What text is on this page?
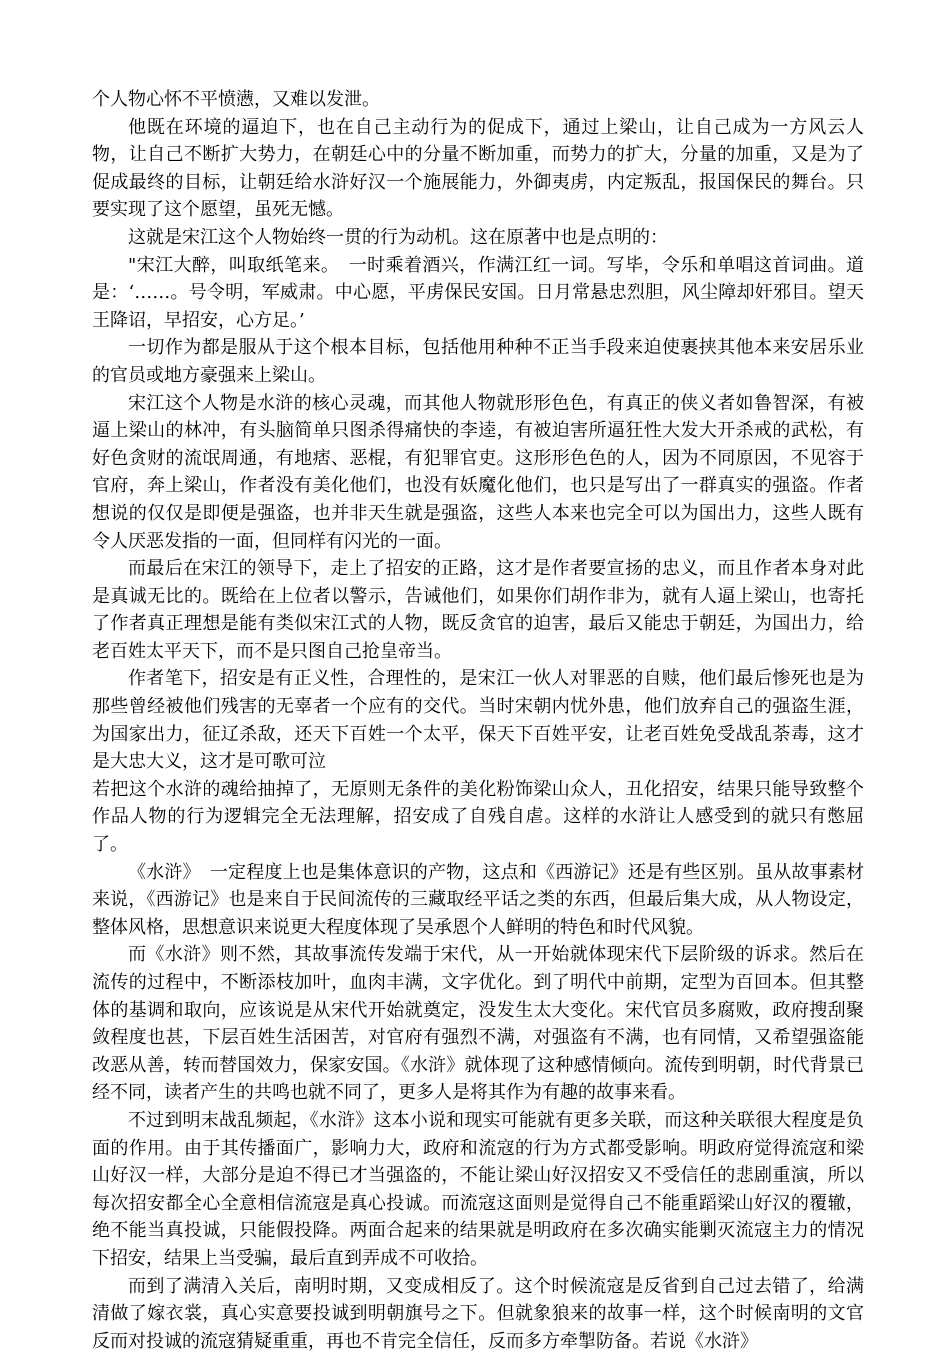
个人物心怀不平愤懑，又难以发泄。

他既在环境的逼迫下，也在自己主动行为的促成下，通过上梁山，让自己成为一方风云人物，让自己不断扩大势力，在朝廷心中的分量不断加重，而势力的扩大，分量的加重，又是为了促成最终的目标，让朝廷给水浒好汉一个施展能力，外御夷虏，内定叛乱，报国保民的舞台。只要实现了这个愿望，虽死无憾。

这就是宋江这个人物始终一贯的行为动机。这在原著中也是点明的：

"宋江大醉，叫取纸笔来。　一时乘着酒兴，作满江红一词。写毕，令乐和单唱这首词曲。道是：‘……。号令明，军威肃。中心愿，平虏保民安国。日月常悬忠烈胆，风尘障却奸邪目。望天王降诏，早招安，心方足。’

一切作为都是服从于这个根本目标，包括他用种种不正当手段来迫使裹挟其他本来安居乐业的官员或地方豪强来上梁山。

宋江这个人物是水浒的核心灵魂，而其他人物就形形色色，有真正的侠义者如鲁智深，有被逼上梁山的林冲，有头脑简单只图杀得痛快的李逵，有被迫害所逼狂性大发大开杀戒的武松，有好色贪财的流氓周通，有地痞、恶棍，有犯罪官吏。这形形色色的人，因为不同原因，不见容于官府，奔上梁山，作者没有美化他们，也没有妖魔化他们，也只是写出了一群真实的强盗。作者想说的仅仅是即便是强盗，也并非天生就是强盗，这些人本来也完全可以为国出力，这些人既有令人厌恶发指的一面，但同样有闪光的一面。

而最后在宋江的领导下，走上了招安的正路，这才是作者要宣扬的忠义，而且作者本身对此是真诚无比的。既给在上位者以警示，告诫他们，如果你们胡作非为，就有人逼上梁山，也寄托了作者真正理想是能有类似宋江式的人物，既反贪官的迫害，最后又能忠于朝廷，为国出力，给老百姓太平天下，而不是只图自己抢皇帝当。

作者笔下，招安是有正义性，合理性的，是宋江一伙人对罪恶的自赎，他们最后惨死也是为那些曾经被他们残害的无辜者一个应有的交代。当时宋朝内忧外患，他们放弃自己的强盗生涯，为国家出力，征辽杀敌，还天下百姓一个太平，保天下百姓平安，让老百姓免受战乱荼毒，这才是大忠大义，这才是可歌可泣

若把这个水浒的魂给抽掉了，无原则无条件的美化粉饰梁山众人，丑化招安，结果只能导致整个作品人物的行为逻辑完全无法理解，招安成了自残自虐。这样的水浒让人感受到的就只有憋屈了。

《水浒》　一定程度上也是集体意识的产物，这点和《西游记》还是有些区别。虽从故事素材来说，《西游记》也是来自于民间流传的三藏取经平话之类的东西，但最后集大成，从人物设定，整体风格，思想意识来说更大程度体现了吴承恩个人鲜明的特色和时代风貌。

而《水浒》则不然，其故事流传发端于宋代，从一开始就体现宋代下层阶级的诉求。然后在流传的过程中，不断添枝加叶，血肉丰满，文字优化。到了明代中前期，定型为百回本。但其整体的基调和取向，应该说是从宋代开始就奠定，没发生太大变化。宋代官员多腐败，政府搜刮聚敛程度也甚，下层百姓生活困苦，对官府有强烈不满，对强盗有不满，也有同情，又希望强盗能改恶从善，转而替国效力，保家安国。《水浒》就体现了这种感情倾向。流传到明朝，时代背景已经不同，读者产生的共鸣也就不同了，更多人是将其作为有趣的故事来看。

不过到明末战乱频起，《水浒》这本小说和现实可能就有更多关联，而这种关联很大程度是负面的作用。由于其传播面广，影响力大，政府和流寇的行为方式都受影响。明政府觉得流寇和梁山好汉一样，大部分是迫不得已才当强盗的，不能让梁山好汉招安又不受信任的悲剧重演，所以每次招安都全心全意相信流寇是真心投诚。而流寇这面则是觉得自己不能重蹈梁山好汉的覆辙，绝不能当真投诚，只能假投降。两面合起来的结果就是明政府在多次确实能剿灭流寇主力的情况下招安，结果上当受骗，最后直到弄成不可收拾。

而到了满清入关后，南明时期，又变成相反了。这个时候流寇是反省到自己过去错了，给满清做了嫁衣裳，真心实意要投诚到明朝旗号之下。但就象狼来的故事一样，这个时候南明的文官反而对投诚的流寇猜疑重重，再也不肯完全信任，反而多方牵掣防备。若说《水浒》
